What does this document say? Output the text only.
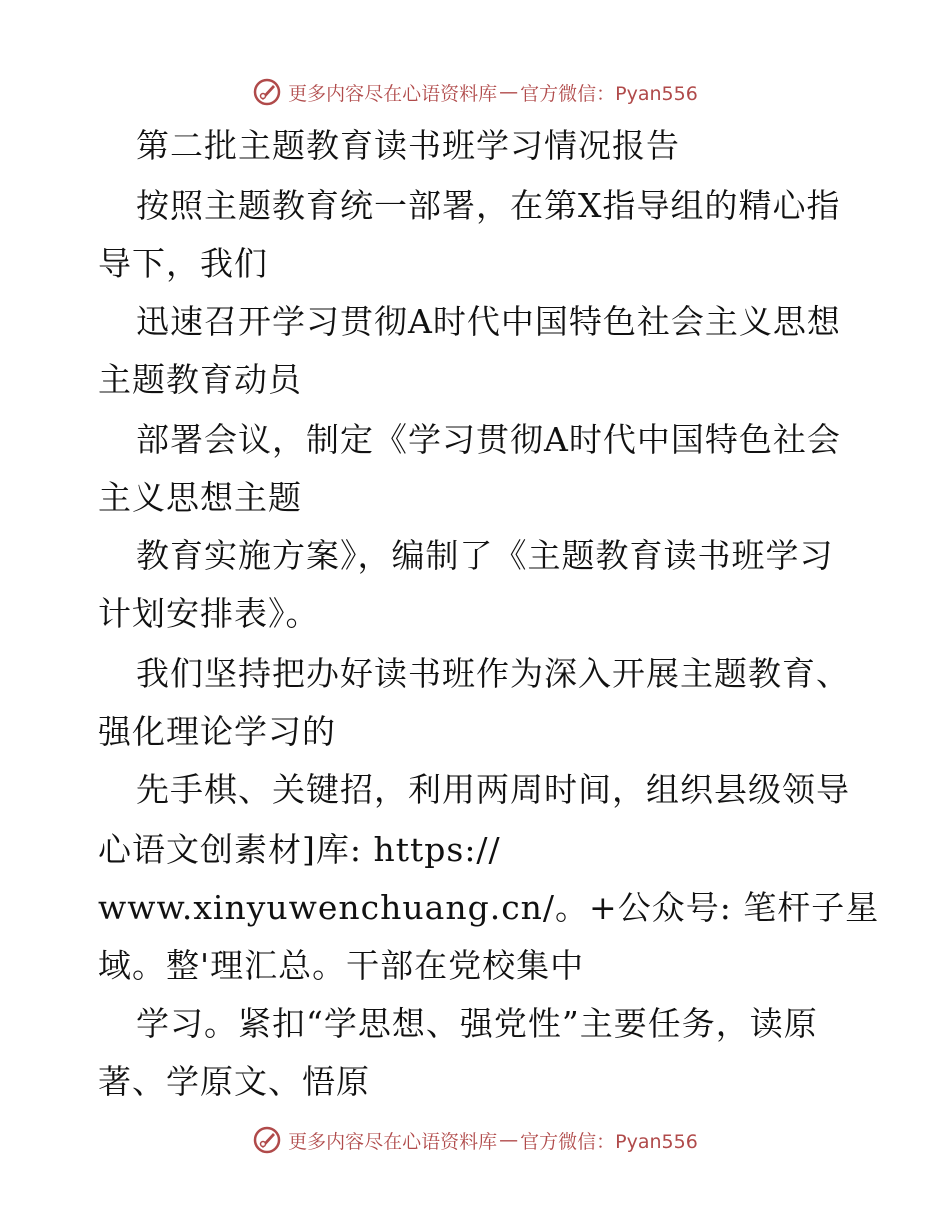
更多内容尽在心语资料库 — 官方微信：Pyan556
第二批主题教育读书班学习情况报告
按照主题教育统一部署，在第X指导组的精心指
导下，我们
迅速召开学习贯彻A时代中国特色社会主义思想
主题教育动员
部署会议，制定《学习贯彻A时代中国特色社会
主义思想主题
教育实施方案》，编制了《主题教育读书班学习
计划安排表》。
我们坚持把办好读书班作为深入开展主题教育、
强化理论学习的
先手棋、关键招，利用两周时间，组织县级领导
心语文创素材]库: https://
www.xinyuwenchuang.cn/。+公众号: 笔杆子星
域。整'理汇总。干部在党校集中
学习。紧扣“学思想、强党性”主要任务，读原
著、学原文、悟原
更多内容尽在心语资料库 — 官方微信：Pyan556
